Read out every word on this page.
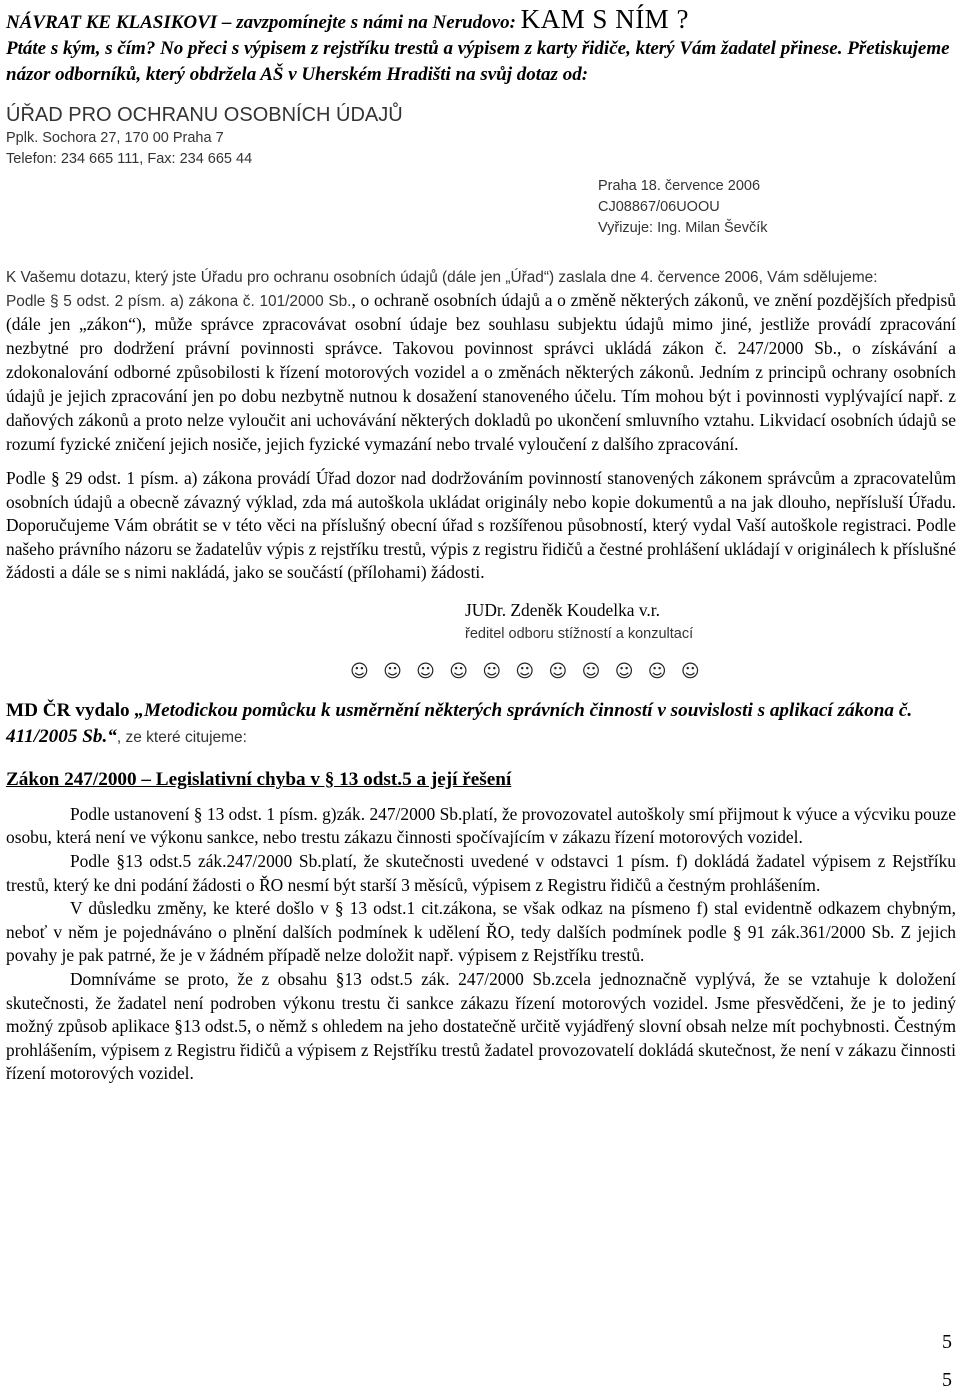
NÁVRAT KE KLASIKOVI – zavzpomínejte s námi na Nerudovo: KAM S NÍM ?
Ptáte s kým, s čím? No přeci s výpisem z rejstříku trestů a výpisem z karty řidiče, který Vám žadatel přinese. Přetiskujeme názor odborníků, který obdržela AŠ v Uherském Hradišti na svůj dotaz od:
ÚŘAD PRO OCHRANU OSOBNÍCH ÚDAJŮ
Pplk. Sochora 27, 170 00 Praha 7
Telefon: 234 665 111, Fax: 234 665 44
Praha 18. července 2006
CJ08867/06UOOU
Vyřizuje: Ing. Milan Ševčík

K Vašemu dotazu, který jste Úřadu pro ochranu osobních údajů (dále jen „Úřad“) zaslala dne 4. července 2006, Vám sdělujeme:

Podle § 5 odst. 2 písm. a) zákona č. 101/2000 Sb., o ochraně osobních údajů a o změně některých zákonů, ve znění pozdějších předpisů (dále jen „zákon“), může správce zpracovávat osobní údaje bez souhlasu subjektu údajů mimo jiné, jestliže provádí zpracování nezbytné pro dodržení právní povinnosti správce. Takovou povinnost správci ukládá zákon č. 247/2000 Sb., o získávání a zdokonalování odborné způsobilosti k řízení motorových vozidel a o změnách některých zákonů. Jedním z principů ochrany osobních údajů je jejich zpracování jen po dobu nezbytně nutnou k dosažení stanoveného účelu. Tím mohou být i povinnosti vyplývající např. z daňových zákonů a proto nelze vyloučit ani uchovávání některých dokladů po ukončení smluvního vztahu. Likvidací osobních údajů se rozumí fyzické zničení jejich nosiče, jejich fyzické vymazání nebo trvalé vyloučení z dalšího zpracování.

Podle § 29 odst. 1 písm. a) zákona provádí Úřad dozor nad dodržováním povinností stanovených zákonem správcům a zpracovatelům osobních údajů a obecně závazný výklad, zda má autoškola ukládat originály nebo kopie dokumentů a na jak dlouho, nepřísluší Úřadu. Doporučujeme Vám obrátit se v této věci na příslušný obecní úřad s rozšířenou působností, který vydal Vaší autoškole registraci. Podle našeho právního názoru se žadatelův výpis z rejstříku trestů, výpis z registru řidičů a čestné prohlášení ukládají v originálech k příslušné žádosti a dále se s nimi nakládá, jako se součástí (přílohami) žádosti.

JUDr. Zdeněk Koudelka v.r.
ředitel odboru stížností a konzultací
☺ ☺ ☺ ☺ ☺ ☺ ☺ ☺ ☺ ☺ ☺
MD ČR vydalo „Metodickou pomůcku k usměrnění některých správních činností v souvislosti s aplikací zákona č. 411/2005 Sb.“, ze které citujeme:
Zákon 247/2000 – Legislativní chyba v § 13 odst.5 a její řešení

Podle ustanovení § 13 odst. 1 písm. g)zák. 247/2000 Sb.platí, že provozovatel autoškoly smí přijmout k výuce a výcviku pouze osobu, která není ve výkonu sankce, nebo trestu zákazu činnosti spočívajícím v zákazu řízení motorových vozidel.

Podle §13 odst.5 zák.247/2000 Sb.platí, že skutečnosti uvedené v odstavci 1 písm. f) dokládá žadatel výpisem z Rejstříku trestů, který ke dni podání žádosti o ŘO nesmí být starší 3 měsíců, výpisem z Registru řidičů a čestným prohlášením.

V důsledku změny, ke které došlo v § 13 odst.1 cit.zákona, se však odkaz na písmeno f) stal evidentně odkazem chybným, neboť v něm je pojednáváno o plnění dalších podmínek k udělení ŘO, tedy dalších podmínek podle § 91 zák.361/2000 Sb. Z jejich povahy je pak patrné, že je v žádném případě nelze doložit např. výpisem z Rejstříku trestů.

Domníváme se proto, že z obsahu §13 odst.5 zák. 247/2000 Sb.zcela jednoznačně vyplývá, že se vztahuje k doložení skutečnosti, že žadatel není podroben výkonu trestu či sankce zákazu řízení motorových vozidel. Jsme přesvědčeni, že je to jediný možný způsob aplikace §13 odst.5, o němž s ohledem na jeho dostatečně určitě vyjádřený slovní obsah nelze mít pochybnosti. Čestným prohlášením, výpisem z Registru řidičů a výpisem z Rejstříku trestů žadatel provozovatelí dokládá skutečnost, že není v zákazu činnosti řízení motorových vozidel.

5
5
